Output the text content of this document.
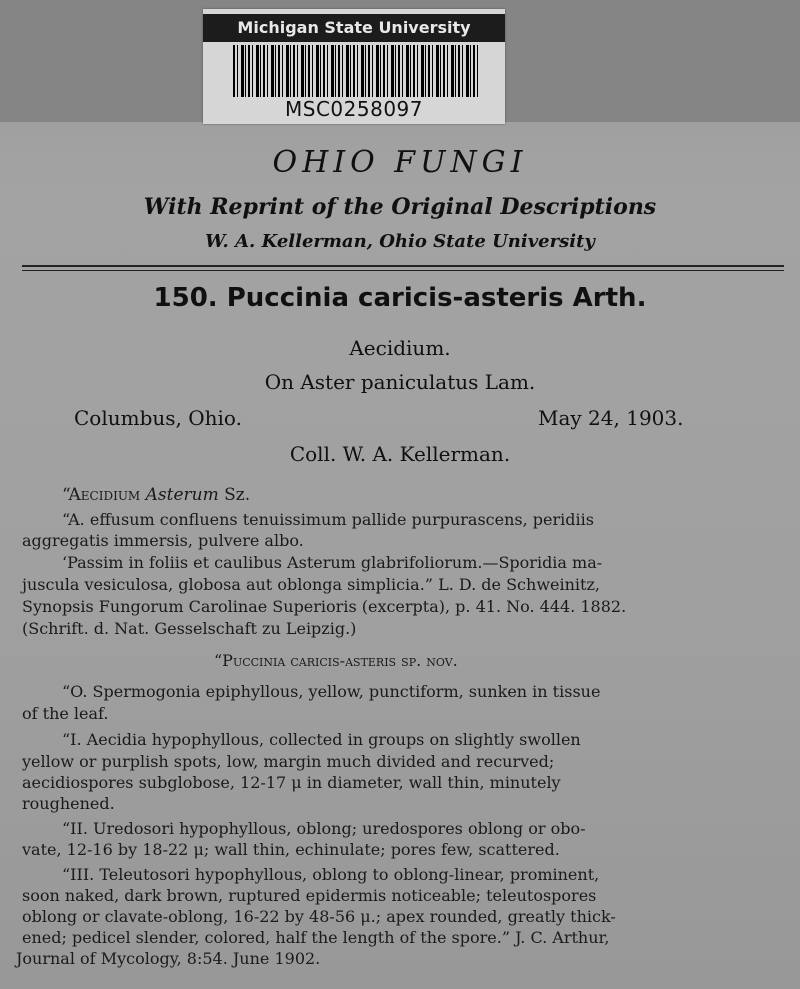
Michigan State University
MSC0258097
OHIO FUNGI
With Reprint of the Original Descriptions
W. A. Kellerman, Ohio State University
150. Puccinia caricis-asteris Arth.
Aecidium.
On Aster paniculatus Lam.
Columbus, Ohio.	May 24, 1903.
Coll. W. A. Kellerman.
“Aecidium Asterum Sz.
“A. effusum confluens tenuissimum pallide purpurascens, peridiis
aggregatis immersis, pulvere albo.
‘Passim in foliis et caulibus Asterum glabrifoliorum.—Sporidia ma-
juscula vesiculosa, globosa aut oblonga simplicia.” L. D. de Schweinitz,
Synopsis Fungorum Carolinae Superioris (excerpta), p. 41. No. 444. 1882.
(Schrift. d. Nat. Gesselschaft zu Leipzig.)
“Puccinia caricis-asteris sp. nov.
“O. Spermogonia epiphyllous, yellow, punctiform, sunken in tissue
of the leaf.
“I. Aecidia hypophyllous, collected in groups on slightly swollen
yellow or purplish spots, low, margin much divided and recurved;
aecidiospores subglobose, 12-17 μ in diameter, wall thin, minutely
roughened.
“II. Uredosori hypophyllous, oblong; uredospores oblong or obo-
vate, 12-16 by 18-22 μ; wall thin, echinulate; pores few, scattered.
“III. Teleutosori hypophyllous, oblong to oblong-linear, prominent,
soon naked, dark brown, ruptured epidermis noticeable; teleutospores
oblong or clavate-oblong, 16-22 by 48-56 μ.; apex rounded, greatly thick-
ened; pedicel slender, colored, half the length of the spore.” J. C. Arthur,
Journal of Mycology, 8:54. June 1902.
